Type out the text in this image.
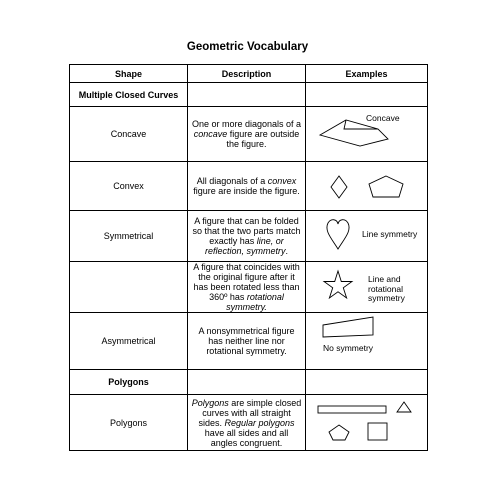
Geometric Vocabulary
Shape	Description	Examples
Multiple Closed Curves		
Concave	One or more diagonals of a concave figure are outside the figure.	Concave

Convex	All diagonals of a convex figure are inside the figure.	

Symmetrical	A figure that can be folded so that the two parts match exactly has line, or reflection, symmetry.	Line symmetry

	A figure that coincides with the original figure after it has been rotated less than 360º has rotational symmetry.	Line and rotational symmetry

Asymmetrical	A nonsymmetrical figure has neither line nor rotational symmetry.	No symmetry

Polygons		
Polygons	Polygons are simple closed curves with all straight sides. Regular polygons have all sides and all angles congruent.	
